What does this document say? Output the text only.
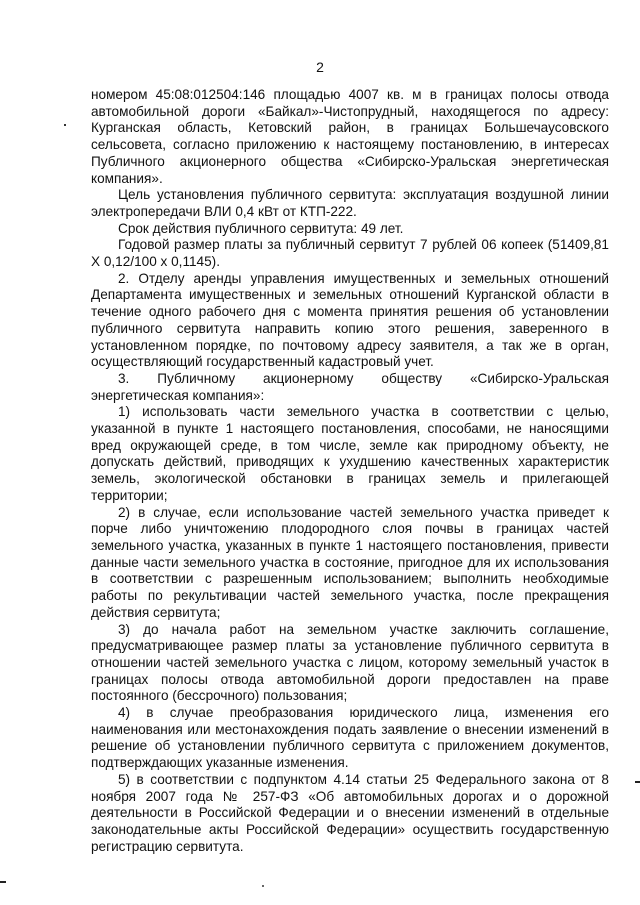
2

номером 45:08:012504:146 площадью 4007 кв. м в границах полосы отвода автомобильной дороги «Байкал»-Чистопрудный, находящегося по адресу: Курганская область, Кетовский район, в границах Большечаусовского сельсовета, согласно приложению к настоящему постановлению, в интересах Публичного акционерного общества «Сибирско-Уральская энергетическая компания».

Цель установления публичного сервитута: эксплуатация воздушной линии электропередачи ВЛИ 0,4 кВт от КТП-222.

Срок действия публичного сервитута: 49 лет.

Годовой размер платы за публичный сервитут 7 рублей 06 копеек (51409,81 X 0,12/100 x 0,1145).

2. Отделу аренды управления имущественных и земельных отношений Департамента имущественных и земельных отношений Курганской области в течение одного рабочего дня с момента принятия решения об установлении публичного сервитута направить копию этого решения, заверенного в установленном порядке, по почтовому адресу заявителя, а так же в орган, осуществляющий государственный кадастровый учет.

3. Публичному акционерному обществу «Сибирско-Уральская энергетическая компания»:

1) использовать части земельного участка в соответствии с целью, указанной в пункте 1 настоящего постановления, способами, не наносящими вред окружающей среде, в том числе, земле как природному объекту, не допускать действий, приводящих к ухудшению качественных характеристик земель, экологической обстановки в границах земель и прилегающей территории;

2) в случае, если использование частей земельного участка приведет к порче либо уничтожению плодородного слоя почвы в границах частей земельного участка, указанных в пункте 1 настоящего постановления, привести данные части земельного участка в состояние, пригодное для их использования в соответствии с разрешенным использованием; выполнить необходимые работы по рекультивации частей земельного участка, после прекращения действия сервитута;

3) до начала работ на земельном участке заключить соглашение, предусматривающее размер платы за установление публичного сервитута в отношении частей земельного участка с лицом, которому земельный участок в границах полосы отвода автомобильной дороги предоставлен на праве постоянного (бессрочного) пользования;

4) в случае преобразования юридического лица, изменения его наименования или местонахождения подать заявление о внесении изменений в решение об установлении публичного сервитута с приложением документов, подтверждающих указанные изменения.

5) в соответствии с подпунктом 4.14 статьи 25 Федерального закона от 8 ноября 2007 года № 257-ФЗ «Об автомобильных дорогах и о дорожной деятельности в Российской Федерации и о внесении изменений в отдельные законодательные акты Российской Федерации» осуществить государственную регистрацию сервитута.
